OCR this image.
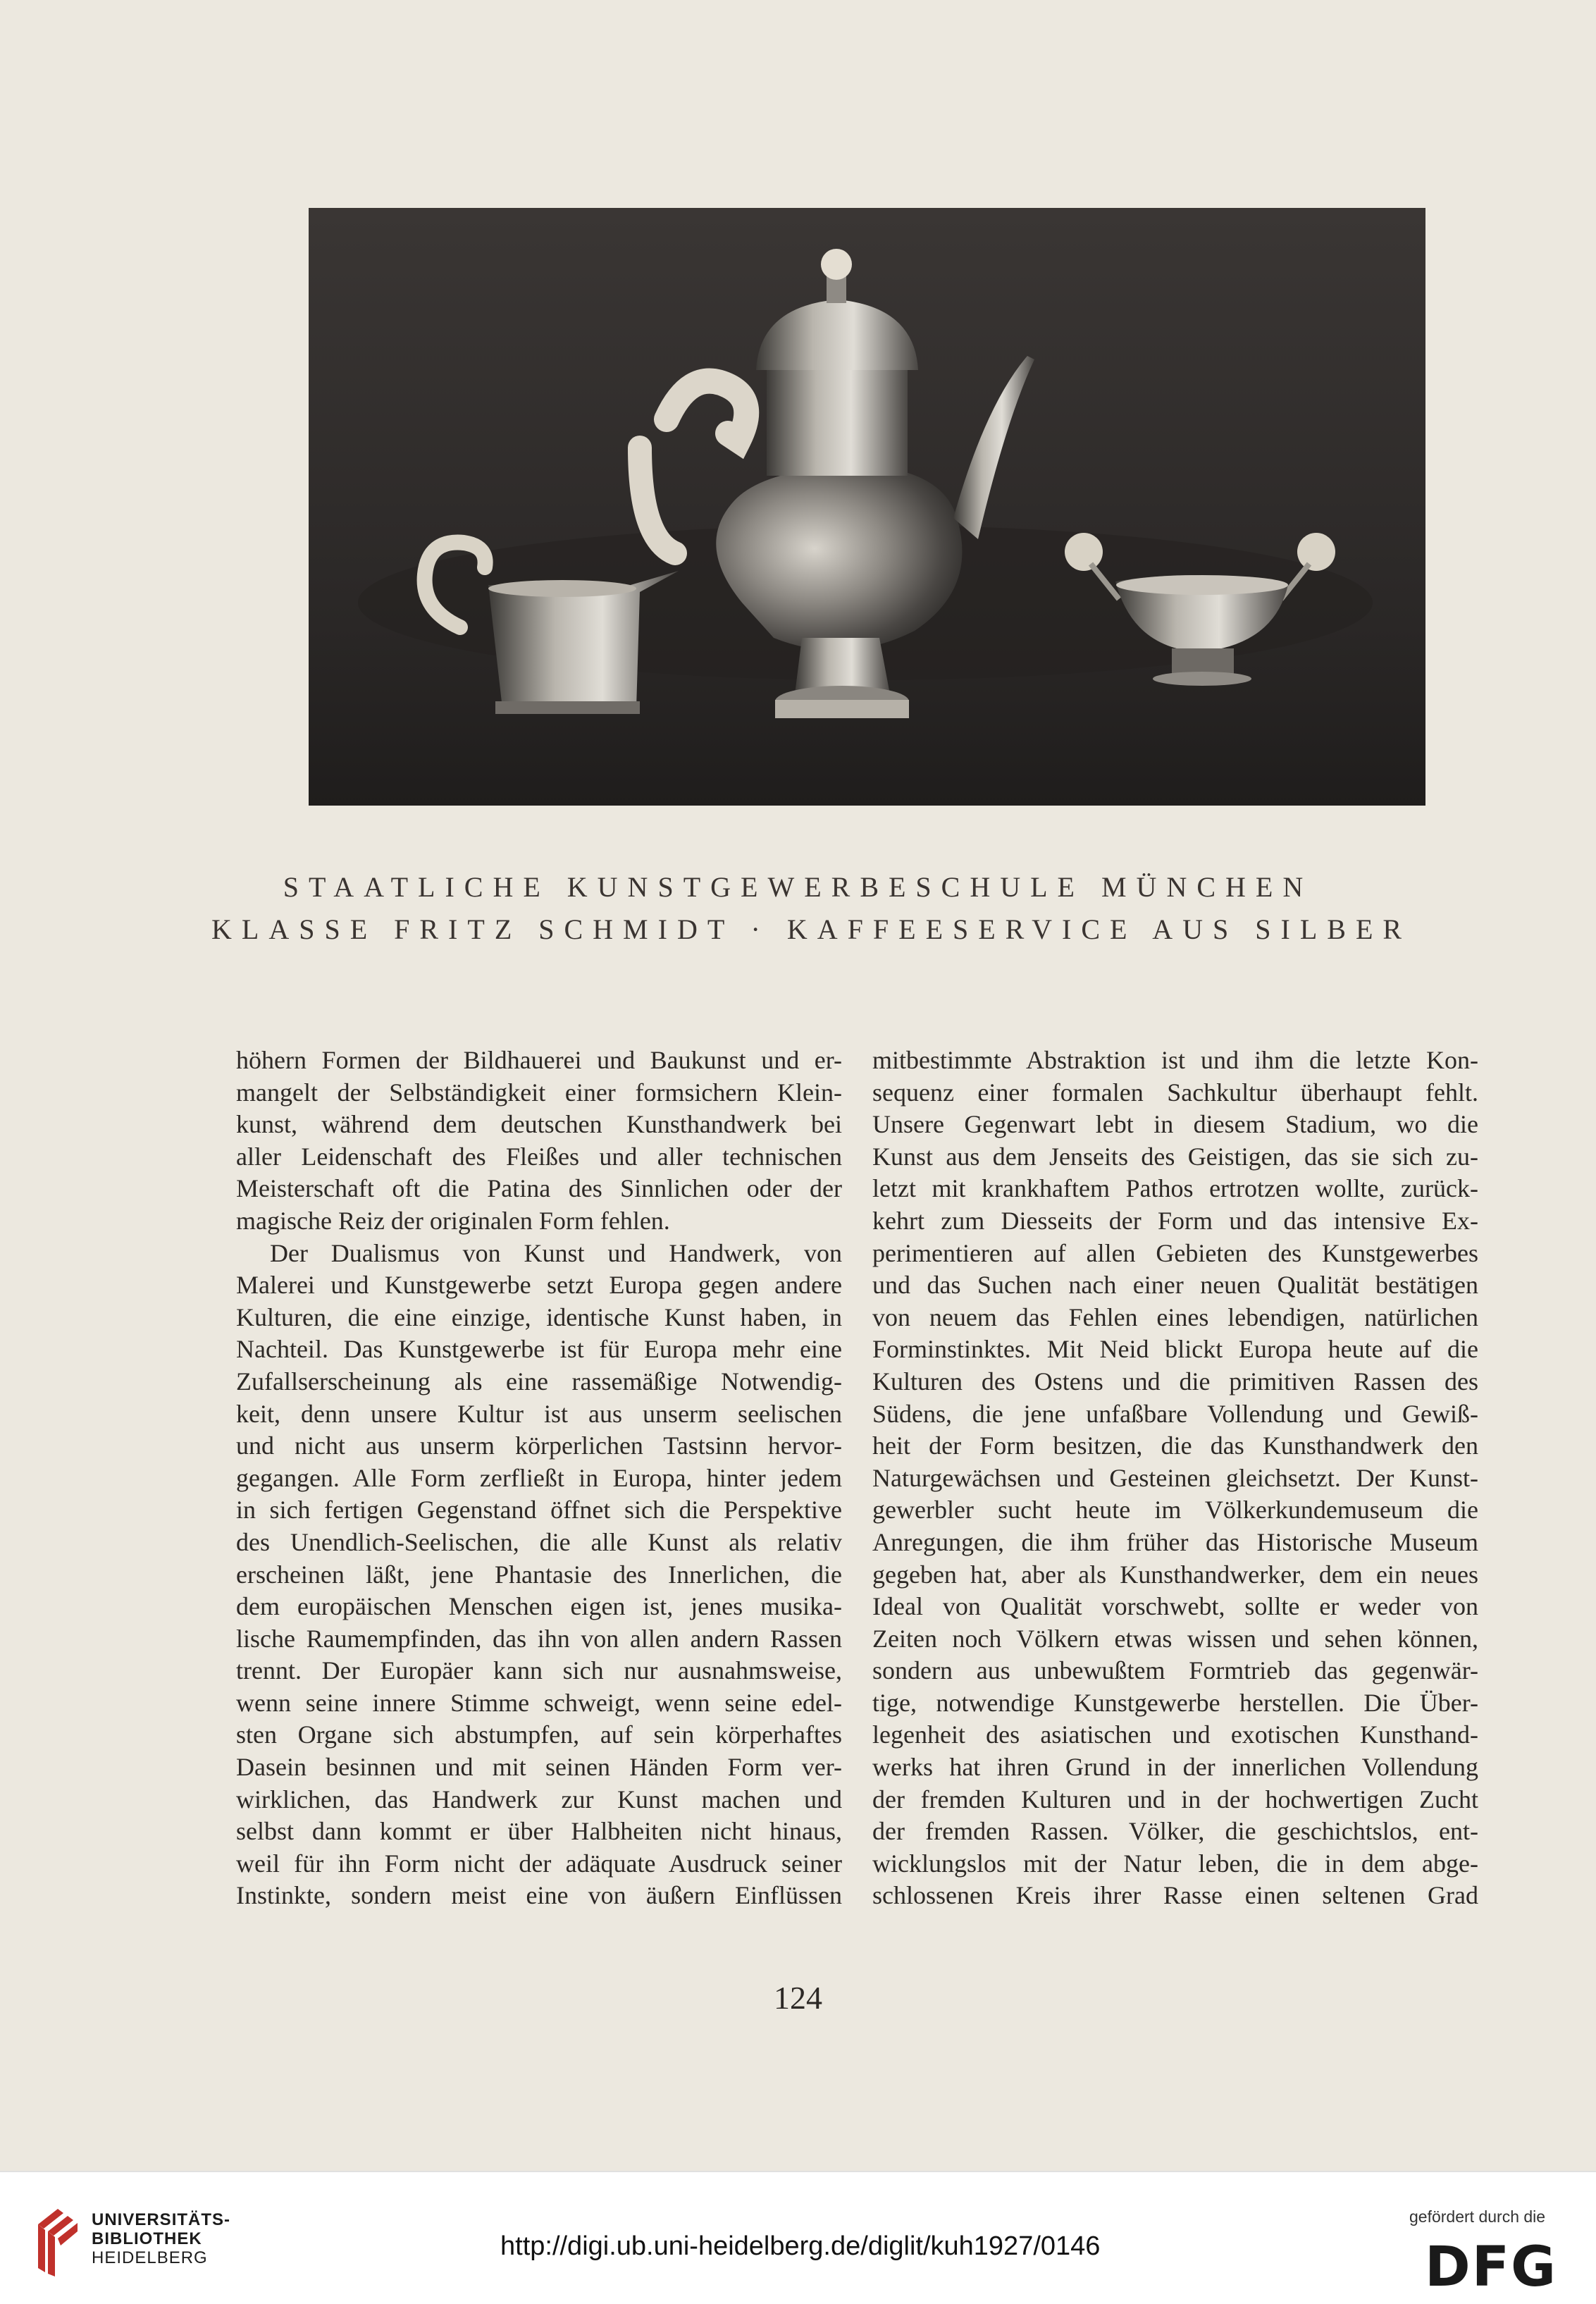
STAATLICHE KUNSTGEWERBESCHULE MÜNCHEN
KLASSE FRITZ SCHMIDT · KAFFEESERVICE AUS SILBER
höhern Formen der Bildhauerei und Baukunst und er-
mangelt der Selbständigkeit einer formsichern Klein-
kunst, während dem deutschen Kunsthandwerk bei
aller Leidenschaft des Fleißes und aller technischen
Meisterschaft oft die Patina des Sinnlichen oder der
magische Reiz der originalen Form fehlen.
Der Dualismus von Kunst und Handwerk, von
Malerei und Kunstgewerbe setzt Europa gegen andere
Kulturen, die eine einzige, identische Kunst haben, in
Nachteil. Das Kunstgewerbe ist für Europa mehr eine
Zufallserscheinung als eine rassemäßige Notwendig-
keit, denn unsere Kultur ist aus unserm seelischen
und nicht aus unserm körperlichen Tastsinn hervor-
gegangen. Alle Form zerfließt in Europa, hinter jedem
in sich fertigen Gegenstand öffnet sich die Perspektive
des Unendlich-Seelischen, die alle Kunst als relativ
erscheinen läßt, jene Phantasie des Innerlichen, die
dem europäischen Menschen eigen ist, jenes musika-
lische Raumempfinden, das ihn von allen andern Rassen
trennt. Der Europäer kann sich nur ausnahmsweise,
wenn seine innere Stimme schweigt, wenn seine edel-
sten Organe sich abstumpfen, auf sein körperhaftes
Dasein besinnen und mit seinen Händen Form ver-
wirklichen, das Handwerk zur Kunst machen und
selbst dann kommt er über Halbheiten nicht hinaus,
weil für ihn Form nicht der adäquate Ausdruck seiner
Instinkte, sondern meist eine von äußern Einflüssen
mitbestimmte Abstraktion ist und ihm die letzte Kon-
sequenz einer formalen Sachkultur überhaupt fehlt.
Unsere Gegenwart lebt in diesem Stadium, wo die
Kunst aus dem Jenseits des Geistigen, das sie sich zu-
letzt mit krankhaftem Pathos ertrotzen wollte, zurück-
kehrt zum Diesseits der Form und das intensive Ex-
perimentieren auf allen Gebieten des Kunstgewerbes
und das Suchen nach einer neuen Qualität bestätigen
von neuem das Fehlen eines lebendigen, natürlichen
Forminstinktes. Mit Neid blickt Europa heute auf die
Kulturen des Ostens und die primitiven Rassen des
Südens, die jene unfaßbare Vollendung und Gewiß-
heit der Form besitzen, die das Kunsthandwerk den
Naturgewächsen und Gesteinen gleichsetzt. Der Kunst-
gewerbler sucht heute im Völkerkundemuseum die
Anregungen, die ihm früher das Historische Museum
gegeben hat, aber als Kunsthandwerker, dem ein neues
Ideal von Qualität vorschwebt, sollte er weder von
Zeiten noch Völkern etwas wissen und sehen können,
sondern aus unbewußtem Formtrieb das gegenwär-
tige, notwendige Kunstgewerbe herstellen. Die Über-
legenheit des asiatischen und exotischen Kunsthand-
werks hat ihren Grund in der innerlichen Vollendung
der fremden Kulturen und in der hochwertigen Zucht
der fremden Rassen. Völker, die geschichtslos, ent-
wicklungslos mit der Natur leben, die in dem abge-
schlossenen Kreis ihrer Rasse einen seltenen Grad
124
UNIVERSITÄTS-
BIBLIOTHEK
HEIDELBERG	http://digi.ub.uni-heidelberg.de/diglit/kuh1927/0146
gefördert durch die
DFG
